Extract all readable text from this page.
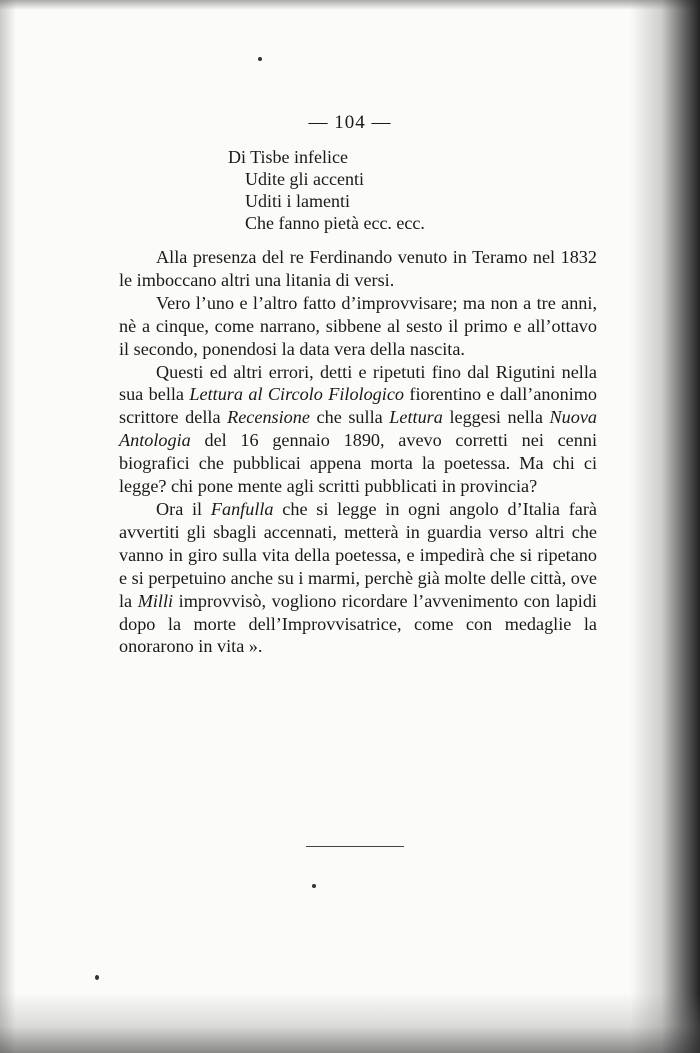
— 104 —
Di Tisbe infelice
Udite gli accenti
Uditi i lamenti
Che fanno pietà ecc. ecc.

Alla presenza del re Ferdinando venuto in Teramo nel 1832 le imboccano altri una litania di versi.

Vero l’uno e l’altro fatto d’improvvisare; ma non a tre anni, nè a cinque, come narrano, sibbene al sesto il primo e all’ottavo il secondo, ponendosi la data vera della nascita.

Questi ed altri errori, detti e ripetuti fino dal Rigutini nella sua bella Lettura al Circolo Filologico fiorentino e dall’anonimo scrittore della Recensione che sulla Lettura leggesi nella Nuova Antologia del 16 gennaio 1890, avevo corretti nei cenni biografici che pubblicai appena morta la poetessa. Ma chi ci legge? chi pone mente agli scritti pubblicati in provincia?

Ora il Fanfulla che si legge in ogni angolo d’Italia farà avvertiti gli sbagli accennati, metterà in guardia verso altri che vanno in giro sulla vita della poetessa, e impedirà che si ripetano e si perpetuino anche su i marmi, perchè già molte delle città, ove la Milli improvvisò, vogliono ricordare l’avvenimento con lapidi dopo la morte dell’Improvvisatrice, come con medaglie la onorarono in vita ».
